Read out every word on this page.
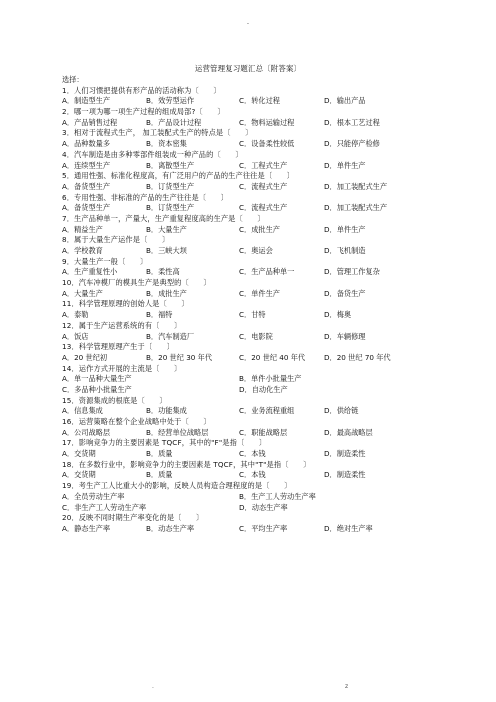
-
运营管理复习题汇总〔附答案〕
选择：
1．人们习惯把提供有形产品的活动称为〔　　〕
A．制造型生产	B．效劳型运作	C．转化过程	D．输出产品
2．哪一项为哪一项生产过程的组成局部?〔　　〕
A．产品销售过程	B．产品设计过程	C．物料运输过程	D．根本工艺过程
3．相对于流程式生产， 加工装配式生产的特点是〔　　〕
A．品种数量多	B．资本密集	C．设备柔性较低	D．只能停产检修
4．汽车制造是由多种零部件组装成一种产品的〔　　〕
A．连续型生产	B．离散型生产	C．工程式生产	D．单件生产
5．通用性强、标准化程度高，有广泛用户的产品的生产往往是〔　　〕
A．备货型生产	B．订货型生产	C．流程式生产	D．加工装配式生产
6．专用性强、非标准的产品的生产往往是〔　　〕
A．备货型生产	B．订货型生产	C．流程式生产	D．加工装配式生产
7．生产品种单一，产量大，生产重复程度高的生产是〔　　〕
A．精益生产	B．大量生产	C．成批生产	D．单件生产
8．属于大量生产运作是〔　　〕
A．学校教育	B．三峡大坝	C．奥运会	D．飞机制造
9．大量生产一般〔　　〕
A．生产重复性小	B．柔性高	C．生产品种单一	D．管理工作复杂
10．汽车冲模厂的模具生产是典型的〔　　〕
A．大量生产	B．成批生产	C．单件生产	D．备货生产
11．科学管理原理的创始人是〔　　〕
A．泰勒	B．福特	C．甘特	D．梅奥
12．属于生产运营系统的有〔　　〕
A．饭店	B．汽车制造厂	C．电影院	D．车辆修理
13．科学管理原理产生于〔　　〕
A．20 世纪初	B．20 世纪 30 年代	C．20 世纪 40 年代	D．20 世纪 70 年代
14．运作方式开展的主流是〔　　〕
A．单一品种大量生产	B．单件小批量生产
C．多品种小批量生产	D．自动化生产
15．资源集成的根底是〔　　〕
A．信息集成	B．功能集成	C．业务流程重组	D．供给链
16．运营策略在整个企业战略中处于〔　　〕
A．公司战略层	B．经营单位战略层	C．职能战略层	D．最高战略层
17．影响竞争力的主要因素是 TQCF，其中的"F"是指〔　　〕
A．交货期	B．质量	C．本钱	D．制造柔性
18．在多数行业中，影响竞争力的主要因素是 TQCF，其中"T"是指〔　　〕
A．交货期	B．质量	C．本钱	D．制造柔性
19．考生产工人比重大小的影响，反映人员构造合理程度的是〔　　〕
A．全员劳动生产率	B．生产工人劳动生产率
C．非生产工人劳动生产率	D．动态生产率
20．反映不同时期生产率变化的是〔　　〕
A．静态生产率	B．动态生产率	C．平均生产率	D．绝对生产率
.	z
